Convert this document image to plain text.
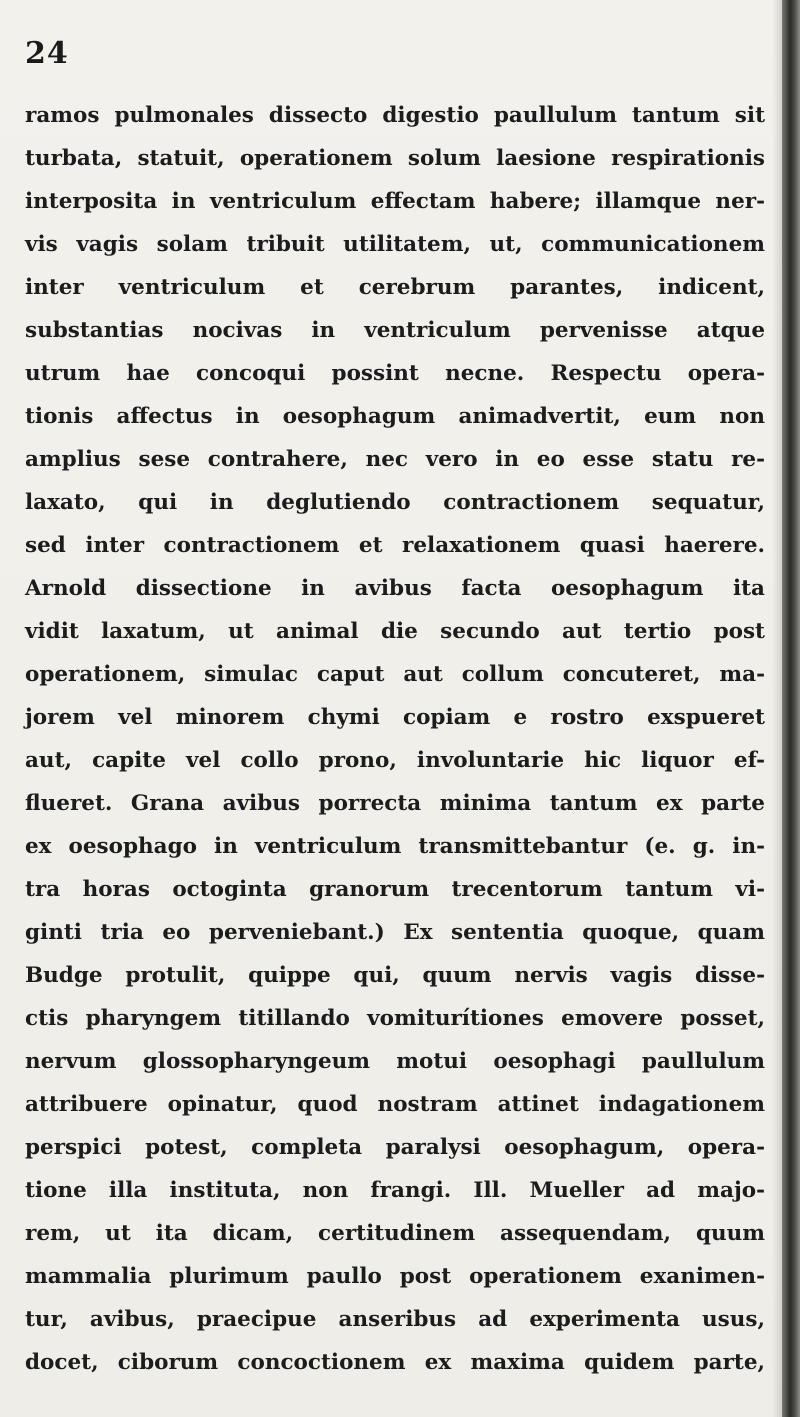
24
ramos pulmonales dissecto digestio paullulum tantum sit
turbata, statuit, operationem solum laesione respirationis
interposita in ventriculum effectam habere; illamque ner-
vis vagis solam tribuit utilitatem, ut, communicationem
inter ventriculum et cerebrum parantes, indicent,
substantias nocivas in ventriculum pervenisse atque
utrum hae concoqui possint necne. Respectu opera-
tionis affectus in oesophagum animadvertit, eum non
amplius sese contrahere, nec vero in eo esse statu re-
laxato, qui in deglutiendo contractionem sequatur,
sed inter contractionem et relaxationem quasi haerere.
Arnold dissectione in avibus facta oesophagum ita
vidit laxatum, ut animal die secundo aut tertio post
operationem, simulac caput aut collum concuteret, ma-
jorem vel minorem chymi copiam e rostro exspueret
aut, capite vel collo prono, involuntarie hic liquor ef-
flueret. Grana avibus porrecta minima tantum ex parte
ex oesophago in ventriculum transmittebantur (e. g. in-
tra horas octoginta granorum trecentorum tantum vi-
ginti tria eo perveniebant.) Ex sententia quoque, quam
Budge protulit, quippe qui, quum nervis vagis disse-
ctis pharyngem titillando vomiturítiones emovere posset,
nervum glossopharyngeum motui oesophagi paullulum
attribuere opinatur, quod nostram attinet indagationem
perspici potest, completa paralysi oesophagum, opera-
tione illa instituta, non frangi. Ill. Mueller ad majo-
rem, ut ita dicam, certitudinem assequendam, quum
mammalia plurimum paullo post operationem exanimen-
tur, avibus, praecipue anseribus ad experimenta usus,
docet, ciborum concoctionem ex maxima quidem parte,
